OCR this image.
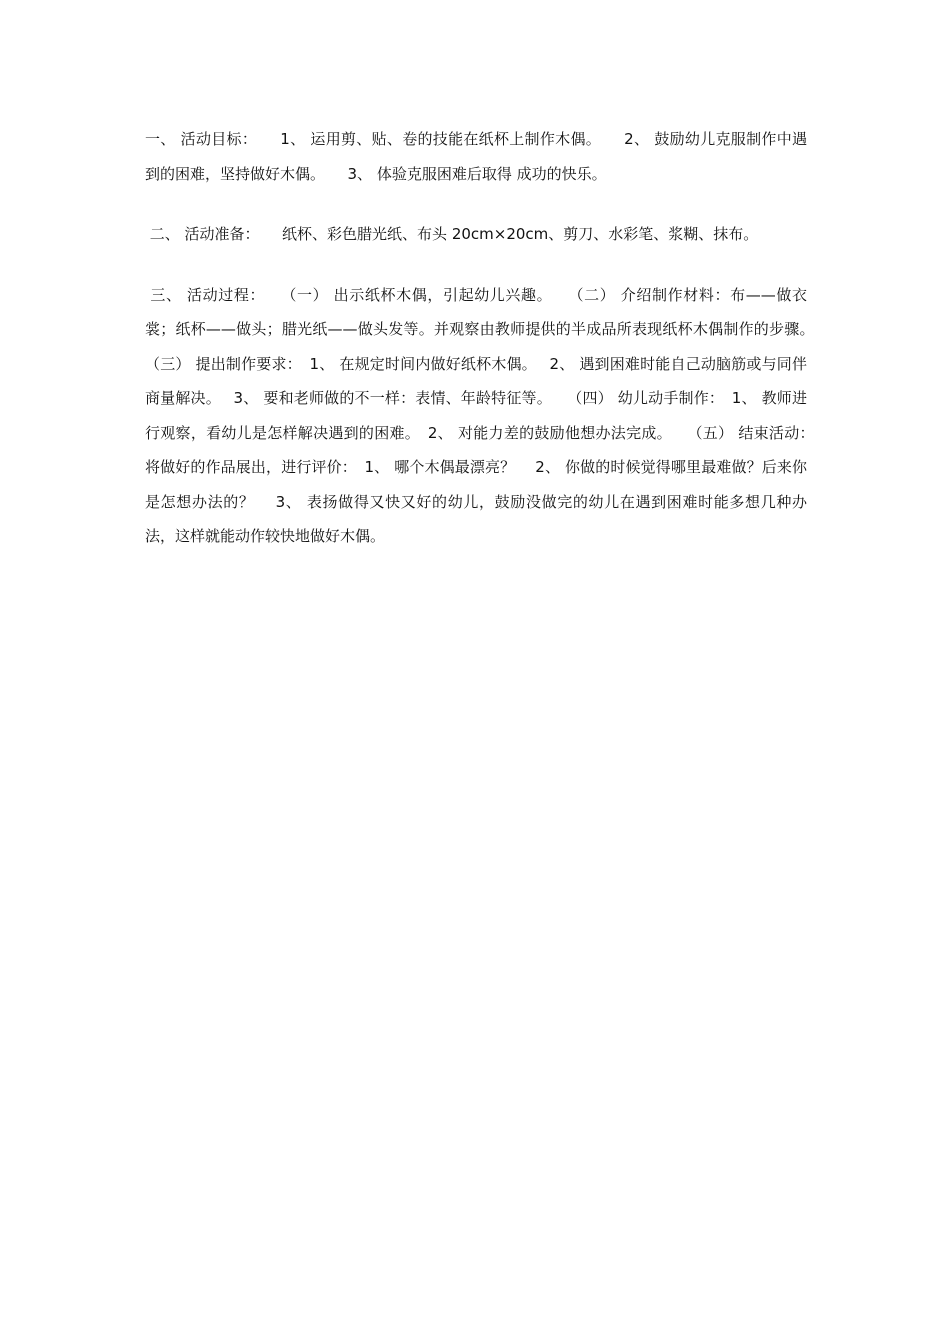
一、 活动目标：　　1、 运用剪、贴、卷的技能在纸杯上制作木偶。　　2、 鼓励幼儿克服制作中遇到的困难，坚持做好木偶。　　3、 体验克服困难后取得 成功的快乐。

二、 活动准备：　　纸杯、彩色腊光纸、布头 20cm×20cm、剪刀、水彩笔、浆糊、抹布。

三、 活动过程：　　（一） 出示纸杯木偶，引起幼儿兴趣。　　（二） 介绍制作材料：布——做衣裳；纸杯——做头；腊光纸——做头发等。并观察由教师提供的半成品所表现纸杯木偶制作的步骤。　　（三） 提出制作要求：　1、 在规定时间内做好纸杯木偶。　 2、 遇到困难时能自己动脑筋或与同伴商量解决。　 3、 要和老师做的不一样：表情、年龄特征等。　　（四） 幼儿动手制作：　1、 教师进行观察，看幼儿是怎样解决遇到的困难。　2、 对能力差的鼓励他想办法完成。　　（五） 结束活动：　　将做好的作品展出，进行评价：　1、 哪个木偶最漂亮？　 2、 你做的时候觉得哪里最难做？后来你是怎想办法的？　 3、 表扬做得又快又好的幼儿，鼓励没做完的幼儿在遇到困难时能多想几种办法，这样就能动作较快地做好木偶。
